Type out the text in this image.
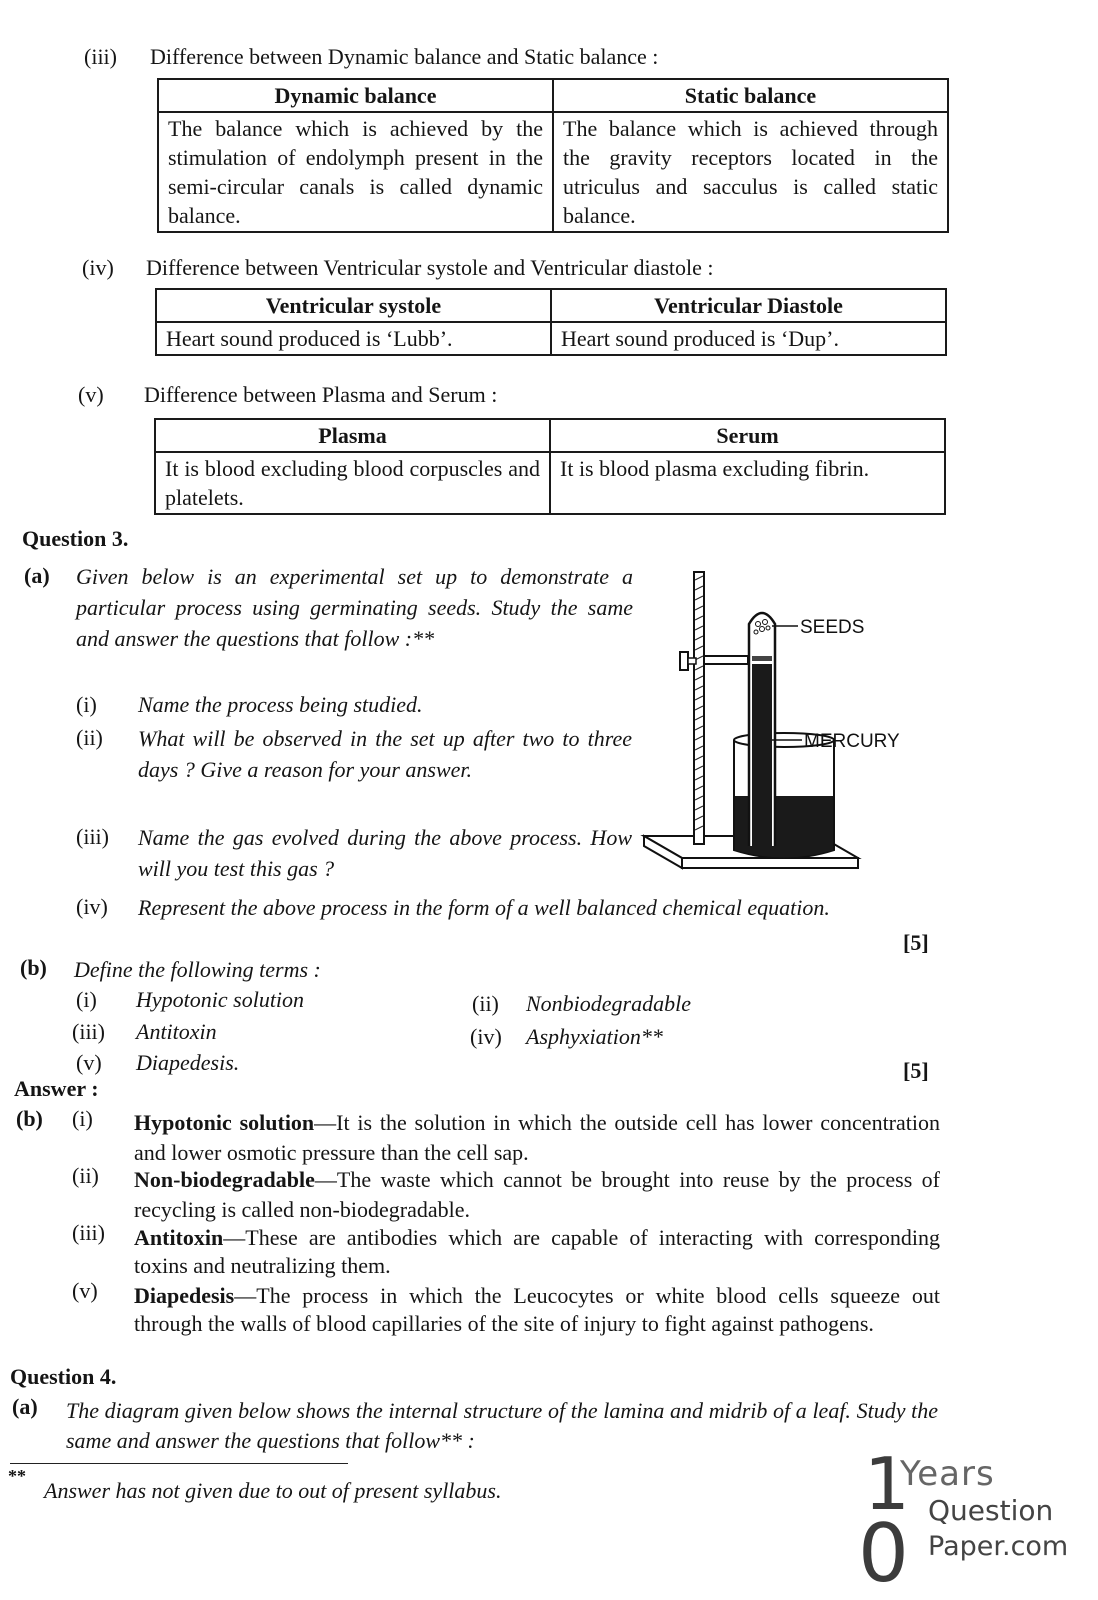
(iii) Difference between Dynamic balance and Static balance :
Dynamic balance	Static balance
The balance which is achieved by the stimulation of endolymph present in the semi-circular canals is called dynamic balance.	The balance which is achieved through the gravity receptors located in the utriculus and sacculus is called static balance.
(iv) Difference between Ventricular systole and Ventricular diastole :
Ventricular systole	Ventricular Diastole
Heart sound produced is ‘Lubb’.	Heart sound produced is ‘Dup’.
(v) Difference between Plasma and Serum :
Plasma	Serum
It is blood excluding blood corpuscles and platelets.	It is blood plasma excluding fibrin.
Question 3.
(a) Given below is an experimental set up to demonstrate a particular process using germinating seeds. Study the same and answer the questions that follow :**
(i) Name the process being studied.
(ii) What will be observed in the set up after two to three days ? Give a reason for your answer.
(iii) Name the gas evolved during the above process. How will you test this gas ?
(iv) Represent the above process in the form of a well balanced chemical equation.
[5]
SEEDS
MERCURY
(b) Define the following terms :
(i) Hypotonic solution	(ii) Nonbiodegradable
(iii) Antitoxin	(iv) Asphyxiation**
(v) Diapedesis.	[5]
Answer :
(b) (i) Hypotonic solution—It is the solution in which the outside cell has lower concentration and lower osmotic pressure than the cell sap.
(ii) Non-biodegradable—The waste which cannot be brought into reuse by the process of recycling is called non-biodegradable.
(iii) Antitoxin—These are antibodies which are capable of interacting with corresponding toxins and neutralizing them.
(v) Diapedesis—The process in which the Leucocytes or white blood cells squeeze out through the walls of blood capillaries of the site of injury to fight against pathogens.
Question 4.
(a) The diagram given below shows the internal structure of the lamina and midrib of a leaf. Study the same and answer the questions that follow** :
**
Answer has not given due to out of present syllabus.	1
0
Years
Question
Paper.com
